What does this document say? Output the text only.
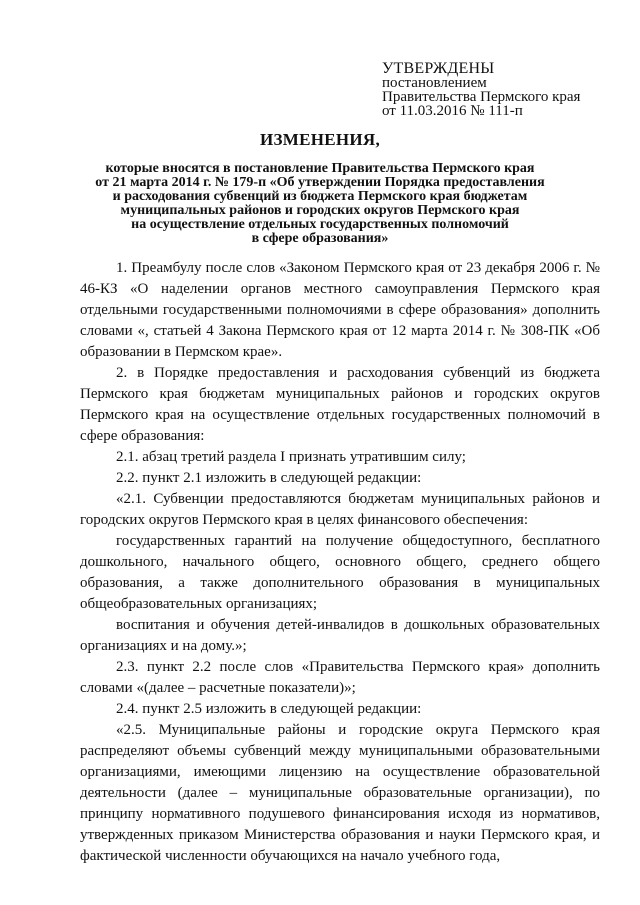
УТВЕРЖДЕНЫ
постановлением
Правительства Пермского края
от 11.03.2016 № 111-п
ИЗМЕНЕНИЯ,
которые вносятся в постановление Правительства Пермского края
от 21 марта 2014 г. № 179-п «Об утверждении Порядка предоставления
и расходования субвенций из бюджета Пермского края бюджетам
муниципальных районов и городских округов Пермского края
на осуществление отдельных государственных полномочий
в сфере образования»

1. Преамбулу после слов «Законом Пермского края от 23 декабря 2006 г. № 46-КЗ «О наделении органов местного самоуправления Пермского края отдельными государственными полномочиями в сфере образования» дополнить словами «, статьей 4 Закона Пермского края от 12 марта 2014 г. № 308-ПК «Об образовании в Пермском крае».

2. в Порядке предоставления и расходования субвенций из бюджета Пермского края бюджетам муниципальных районов и городских округов Пермского края на осуществление отдельных государственных полномочий в сфере образования:

2.1. абзац третий раздела I признать утратившим силу;

2.2. пункт 2.1 изложить в следующей редакции:

«2.1. Субвенции предоставляются бюджетам муниципальных районов и городских округов Пермского края в целях финансового обеспечения:

государственных гарантий на получение общедоступного, бесплатного дошкольного, начального общего, основного общего, среднего общего образования, а также дополнительного образования в муниципальных общеобразовательных организациях;

воспитания и обучения детей-инвалидов в дошкольных образовательных организациях и на дому.»;

2.3. пункт 2.2 после слов «Правительства Пермского края» дополнить словами «(далее – расчетные показатели)»;

2.4. пункт 2.5 изложить в следующей редакции:

«2.5. Муниципальные районы и городские округа Пермского края распределяют объемы субвенций между муниципальными образовательными организациями, имеющими лицензию на осуществление образовательной деятельности (далее – муниципальные образовательные организации), по принципу нормативного подушевого финансирования исходя из нормативов, утвержденных приказом Министерства образования и науки Пермского края, и фактической численности обучающихся на начало учебного года,
